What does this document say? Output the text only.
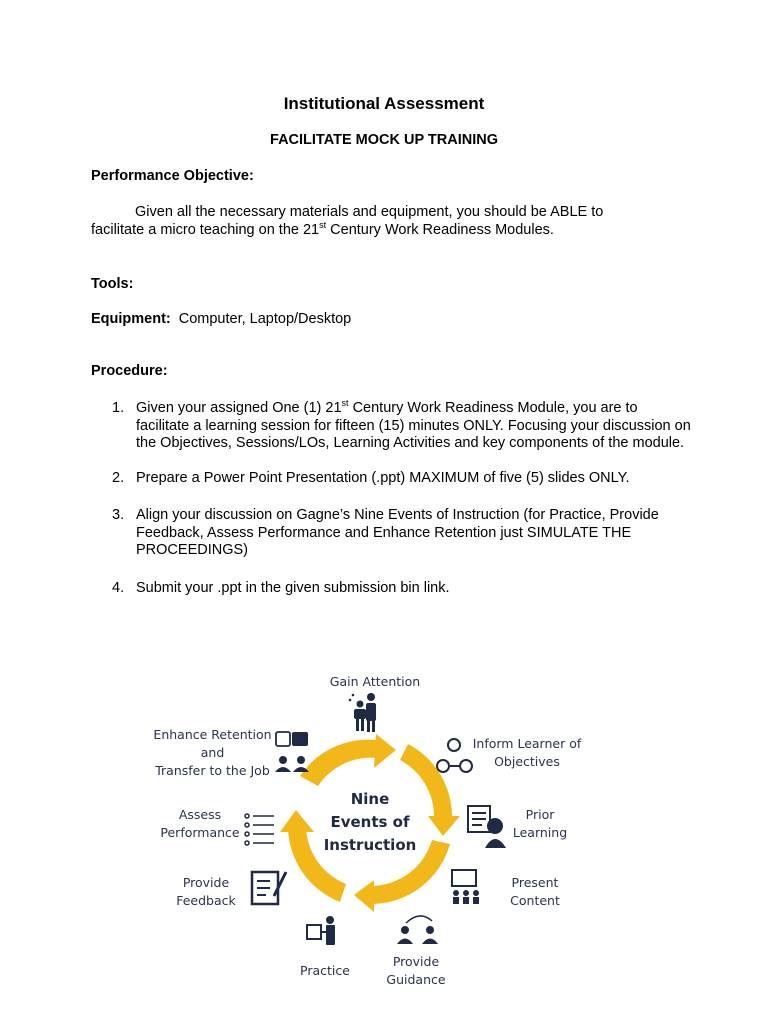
Institutional Assessment
FACILITATE MOCK UP TRAINING
Performance Objective:
Given all the necessary materials and equipment, you should be ABLE to
facilitate a micro teaching on the 21st Century Work Readiness Modules.
Tools:
Equipment: Computer, Laptop/Desktop
Procedure:
1. Given your assigned One (1) 21st Century Work Readiness Module, you are to facilitate a learning session for fifteen (15) minutes ONLY. Focusing your discussion on the Objectives, Sessions/LOs, Learning Activities and key components of the module.
2. Prepare a Power Point Presentation (.ppt) MAXIMUM of five (5) slides ONLY.
3. Align your discussion on Gagne’s Nine Events of Instruction (for Practice, Provide Feedback, Assess Performance and Enhance Retention just SIMULATE THE PROCEEDINGS)
4. Submit your .ppt in the given submission bin link.
Nine
Events of
Instruction
Gain Attention
Inform Learner of
Objectives
Prior
Learning
Present
Content
Provide
Guidance
Practice
Provide
Feedback
Assess
Performance
Enhance Retention
and
Transfer to the Job
